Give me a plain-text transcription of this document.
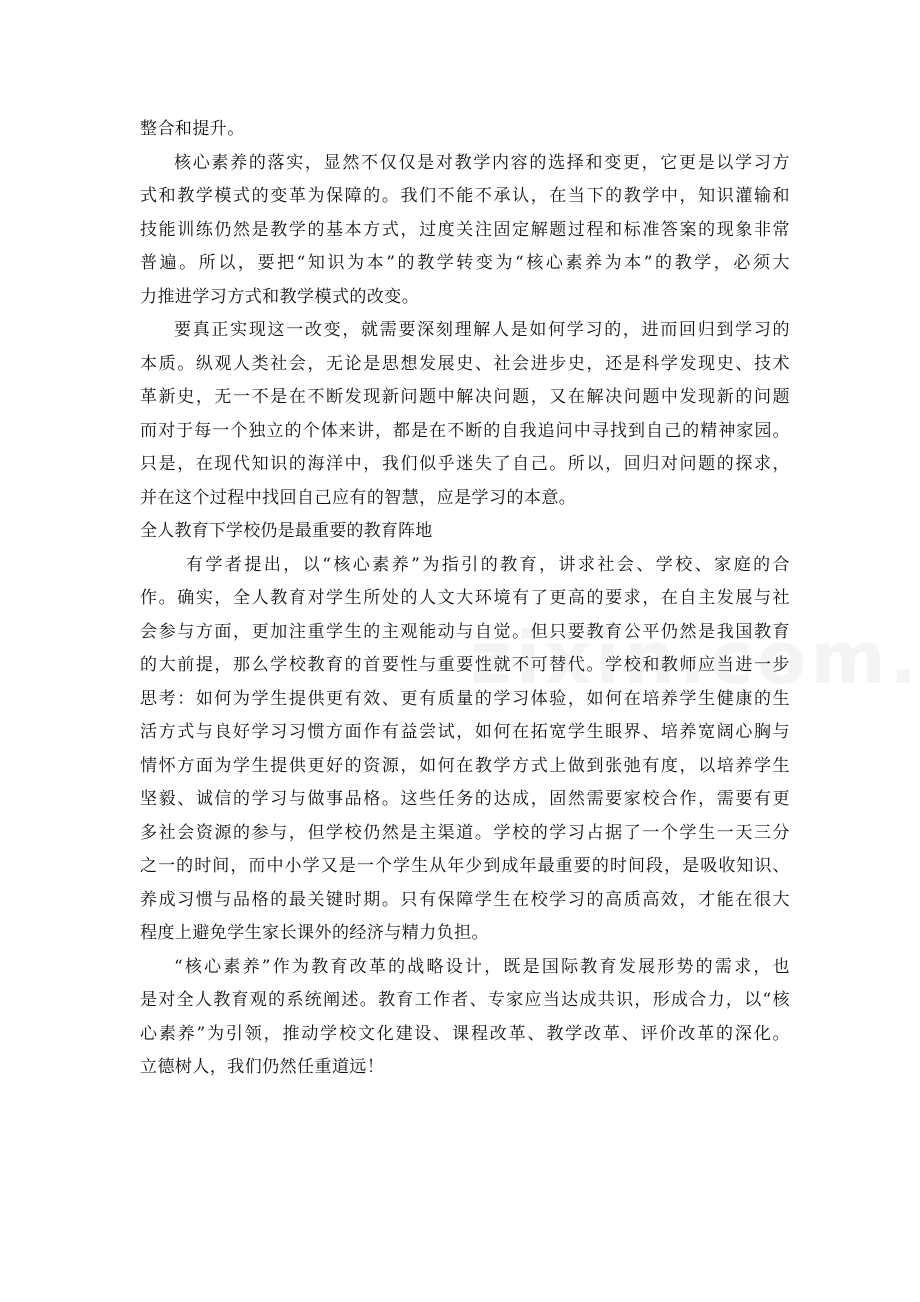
整合和提升。
核心素养的落实，显然不仅仅是对教学内容的选择和变更，它更是以学习方
式和教学模式的变革为保障的。我们不能不承认，在当下的教学中，知识灌输和
技能训练仍然是教学的基本方式，过度关注固定解题过程和标准答案的现象非常
普遍。所以，要把“知识为本”的教学转变为“核心素养为本”的教学，必须大
力推进学习方式和教学模式的改变。
要真正实现这一改变，就需要深刻理解人是如何学习的，进而回归到学习的
本质。纵观人类社会，无论是思想发展史、社会进步史，还是科学发现史、技术
革新史，无一不是在不断发现新问题中解决问题，又在解决问题中发现新的问题
而对于每一个独立的个体来讲，都是在不断的自我追问中寻找到自己的精神家园。
只是，在现代知识的海洋中，我们似乎迷失了自己。所以，回归对问题的探求，
并在这个过程中找回自己应有的智慧，应是学习的本意。
全人教育下学校仍是最重要的教育阵地
有学者提出，以“核心素养”为指引的教育，讲求社会、学校、家庭的合
作。确实，全人教育对学生所处的人文大环境有了更高的要求，在自主发展与社
会参与方面，更加注重学生的主观能动与自觉。但只要教育公平仍然是我国教育
的大前提，那么学校教育的首要性与重要性就不可替代。学校和教师应当进一步
思考：如何为学生提供更有效、更有质量的学习体验，如何在培养学生健康的生
活方式与良好学习习惯方面作有益尝试，如何在拓宽学生眼界、培养宽阔心胸与
情怀方面为学生提供更好的资源，如何在教学方式上做到张弛有度，以培养学生
坚毅、诚信的学习与做事品格。这些任务的达成，固然需要家校合作，需要有更
多社会资源的参与，但学校仍然是主渠道。学校的学习占据了一个学生一天三分
之一的时间，而中小学又是一个学生从年少到成年最重要的时间段，是吸收知识、
养成习惯与品格的最关键时期。只有保障学生在校学习的高质高效，才能在很大
程度上避免学生家长课外的经济与精力负担。
“核心素养”作为教育改革的战略设计，既是国际教育发展形势的需求，也
是对全人教育观的系统阐述。教育工作者、专家应当达成共识，形成合力，以“核
心素养”为引领，推动学校文化建设、课程改革、教学改革、评价改革的深化。
立德树人，我们仍然任重道远！
